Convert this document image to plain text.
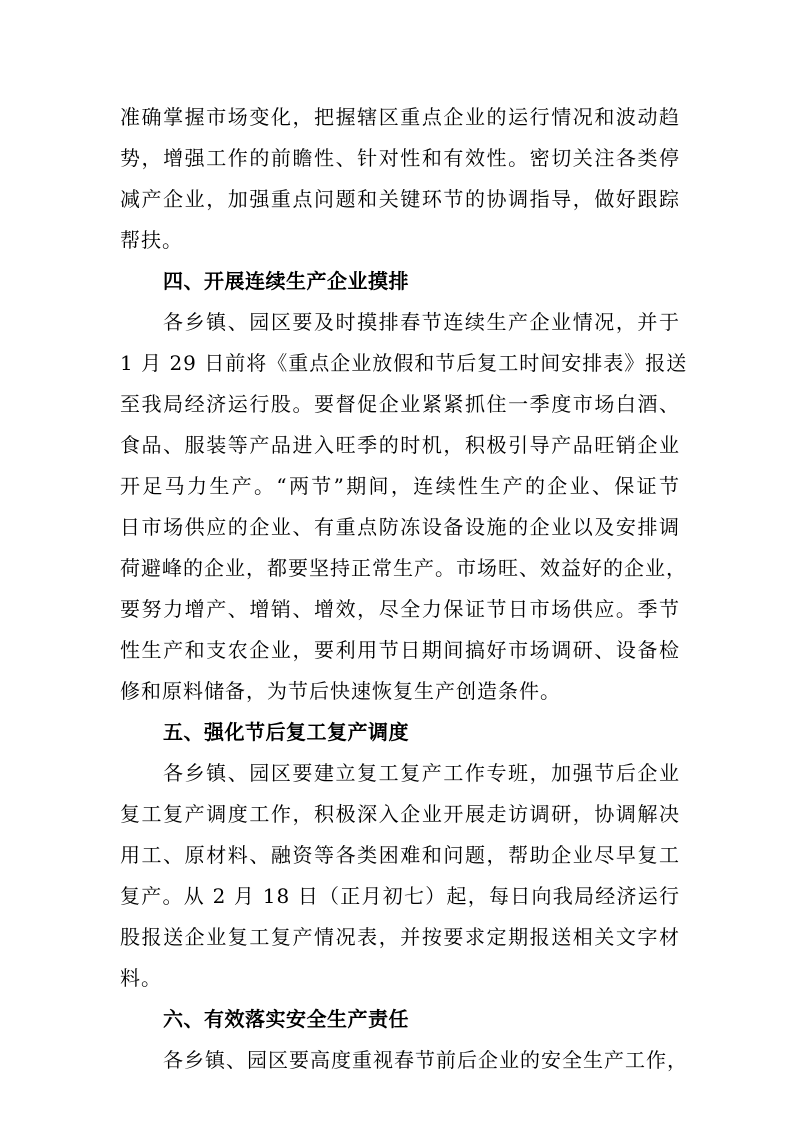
准确掌握市场变化，把握辖区重点企业的运行情况和波动趋
势，增强工作的前瞻性、针对性和有效性。密切关注各类停
减产企业，加强重点问题和关键环节的协调指导，做好跟踪
帮扶。
四、开展连续生产企业摸排
各乡镇、园区要及时摸排春节连续生产企业情况，并于
1 月 29 日前将《重点企业放假和节后复工时间安排表》报送
至我局经济运行股。要督促企业紧紧抓住一季度市场白酒、
食品、服装等产品进入旺季的时机，积极引导产品旺销企业
开足马力生产。“两节”期间，连续性生产的企业、保证节
日市场供应的企业、有重点防冻设备设施的企业以及安排调
荷避峰的企业，都要坚持正常生产。市场旺、效益好的企业，
要努力增产、增销、增效，尽全力保证节日市场供应。季节
性生产和支农企业，要利用节日期间搞好市场调研、设备检
修和原料储备，为节后快速恢复生产创造条件。
五、强化节后复工复产调度
各乡镇、园区要建立复工复产工作专班，加强节后企业
复工复产调度工作，积极深入企业开展走访调研，协调解决
用工、原材料、融资等各类困难和问题，帮助企业尽早复工
复产。从 2 月 18 日（正月初七）起，每日向我局经济运行
股报送企业复工复产情况表，并按要求定期报送相关文字材
料。
六、有效落实安全生产责任
各乡镇、园区要高度重视春节前后企业的安全生产工作，
